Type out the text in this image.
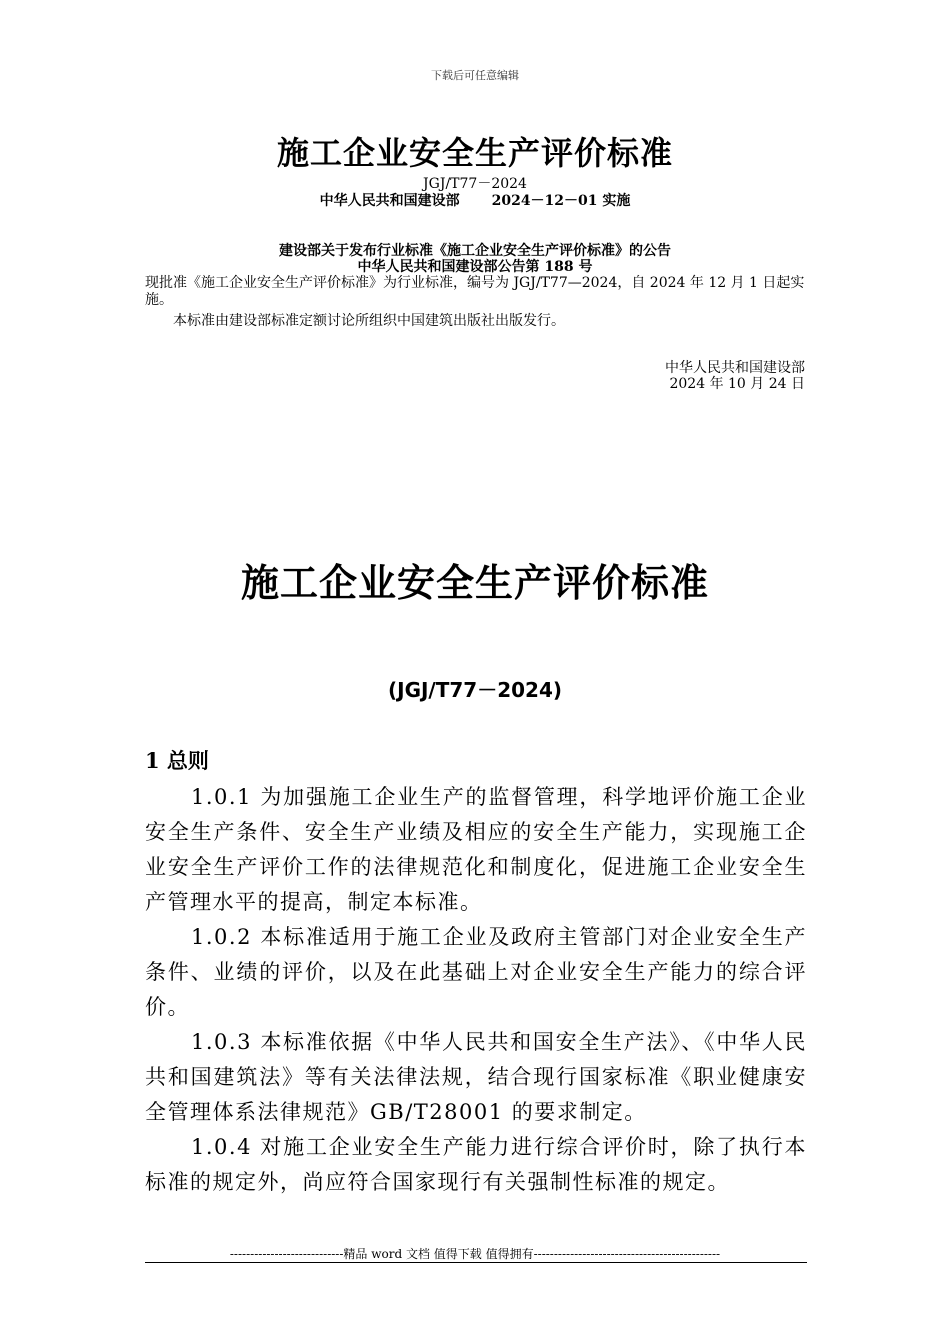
下载后可任意编辑
施工企业安全生产评价标准
JGJ/T77－2024
中华人民共和国建设部 2024－12－01 实施
建设部关于发布行业标准《施工企业安全生产评价标准》的公告
中华人民共和国建设部公告第 188 号

现批准《施工企业安全生产评价标准》为行业标准，编号为 JGJ/T77—2024，自 2024 年 12 月 1 日起实施。

本标准由建设部标准定额讨论所组织中国建筑出版社出版发行。

中华人民共和国建设部
2024 年 10 月 24 日
施工企业安全生产评价标准
(JGJ/T77－2024)
1 总则

1.0.1 为加强施工企业生产的监督管理，科学地评价施工企业安全生产条件、安全生产业绩及相应的安全生产能力，实现施工企业安全生产评价工作的法律规范化和制度化，促进施工企业安全生产管理水平的提高，制定本标准。

1.0.2 本标准适用于施工企业及政府主管部门对企业安全生产条件、业绩的评价，以及在此基础上对企业安全生产能力的综合评价。

1.0.3 本标准依据《中华人民共和国安全生产法》、《中华人民共和国建筑法》等有关法律法规，结合现行国家标准《职业健康安全管理体系法律规范》GB/T28001 的要求制定。

1.0.4 对施工企业安全生产能力进行综合评价时，除了执行本标准的规定外，尚应符合国家现行有关强制性标准的规定。

----------------------------精品 word 文档 值得下载 值得拥有----------------------------------------------
